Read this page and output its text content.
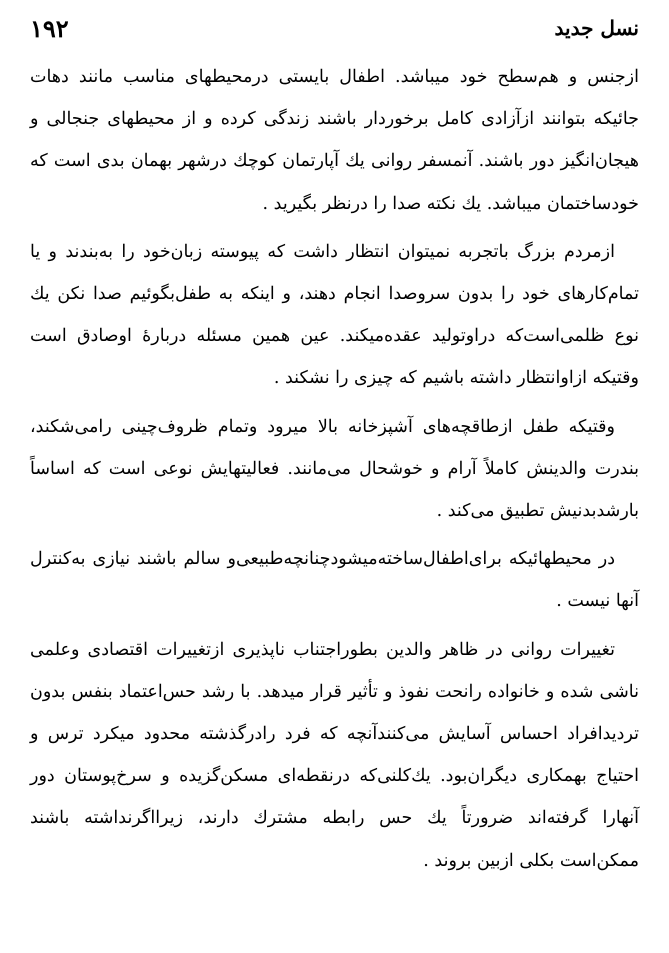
۱۹۲	نسل جدید

ازجنس و هم‌سطح خود میباشد. اطفال بایستی درمحیطهای مناسب مانند دهات جائیکه بتوانند ازآزادی کامل برخوردار باشند زندگی کرده و از محیطهای جنجالی و هیجان‌انگیز دور باشند. آنمسفر روانی یك آپارتمان کوچك درشهر بهمان بدی است که خودساختمان میباشد. یك نکته صدا را درنظر بگیرید .

ازمردم بزرگ باتجربه نمیتوان انتظار داشت که پیوسته زبان‌خود را به‌بندند و یا تمام‌کارهای خود را بدون سروصدا انجام دهند، و اینکه به طفل‌بگوئیم صدا نکن یك نوع ظلمی‌است‌که دراوتولید عقده‌میکند. عین همین مسئله دربارهٔ اوصادق است وقتیکه ازاوانتظار داشته باشیم که چیزی را نشکند .

وقتیکه طفل ازطاقچه‌های آشپزخانه بالا میرود وتمام ظروف‌چینی رامی‌شکند، بندرت والدینش کاملاً آرام و خوشحال می‌مانند. فعالیتهایش نوعی است که اساساً بارشدبدنیش تطبیق می‌کند .

در محیطهائیکه برای‌اطفال‌ساخته‌میشودچنانچه‌طبیعی‌و سالم باشند نیازی به‌کنترل آنها نیست .

تغییرات روانی در ظاهر والدین بطورا‌جتناب ناپذیری ازتغییرات اقتصادی وعلمی ناشی شده و خانواده رانحت نفوذ و تأثیر قرار میدهد. با رشد حس‌اعتماد بنفس بدون تردیدافراد احساس آسایش می‌کنندآنچه که فرد رادرگذشته محدود میکرد ترس و احتیاج بهمکاری دیگران‌بود. یك‌کلنی‌که درنقطه‌ای مسکن‌گزیده و سرخ‌پوستان دور آنهارا گرفته‌اند ضرورتاً یك حس رابطه مشترك دارند، زیراا‌گرنداشته باشند ممکن‌است بکلی ازبین بروند .
